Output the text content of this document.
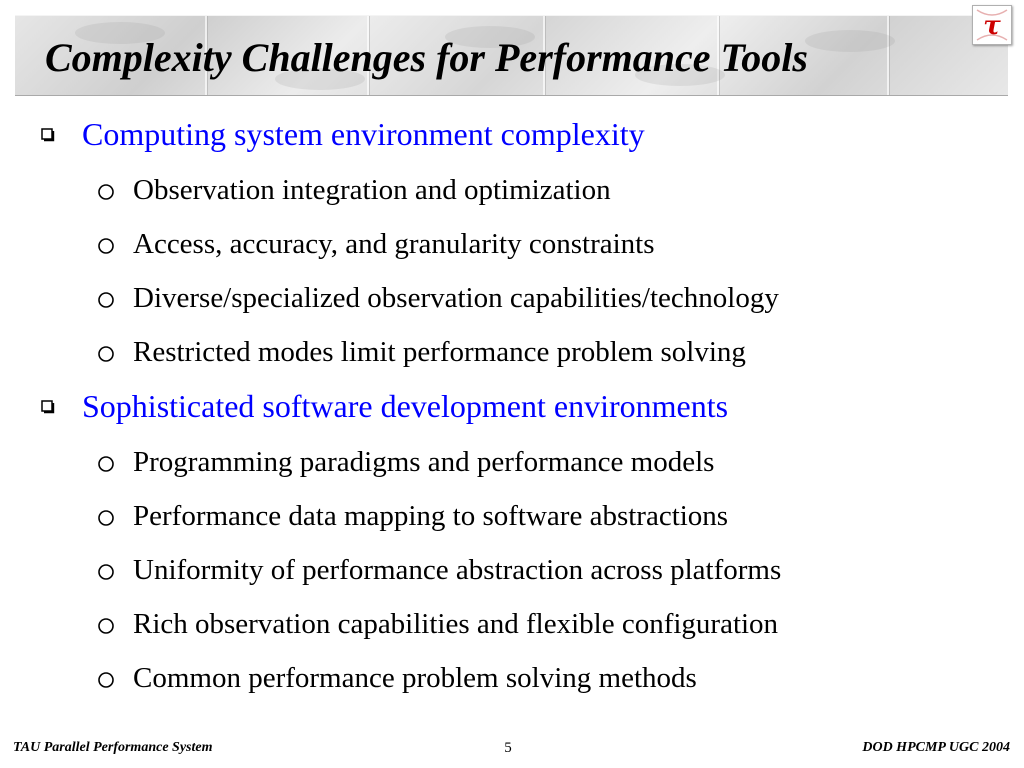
Complexity Challenges for Performance Tools
τ
Computing system environment complexity
Observation integration and optimization
Access, accuracy, and granularity constraints
Diverse/specialized observation capabilities/technology
Restricted modes limit performance problem solving
Sophisticated software development environments
Programming paradigms and performance models
Performance data mapping to software abstractions
Uniformity of performance abstraction across platforms
Rich observation capabilities and flexible configuration
Common performance problem solving methods
TAU Parallel Performance System	5	DOD HPCMP UGC 2004
